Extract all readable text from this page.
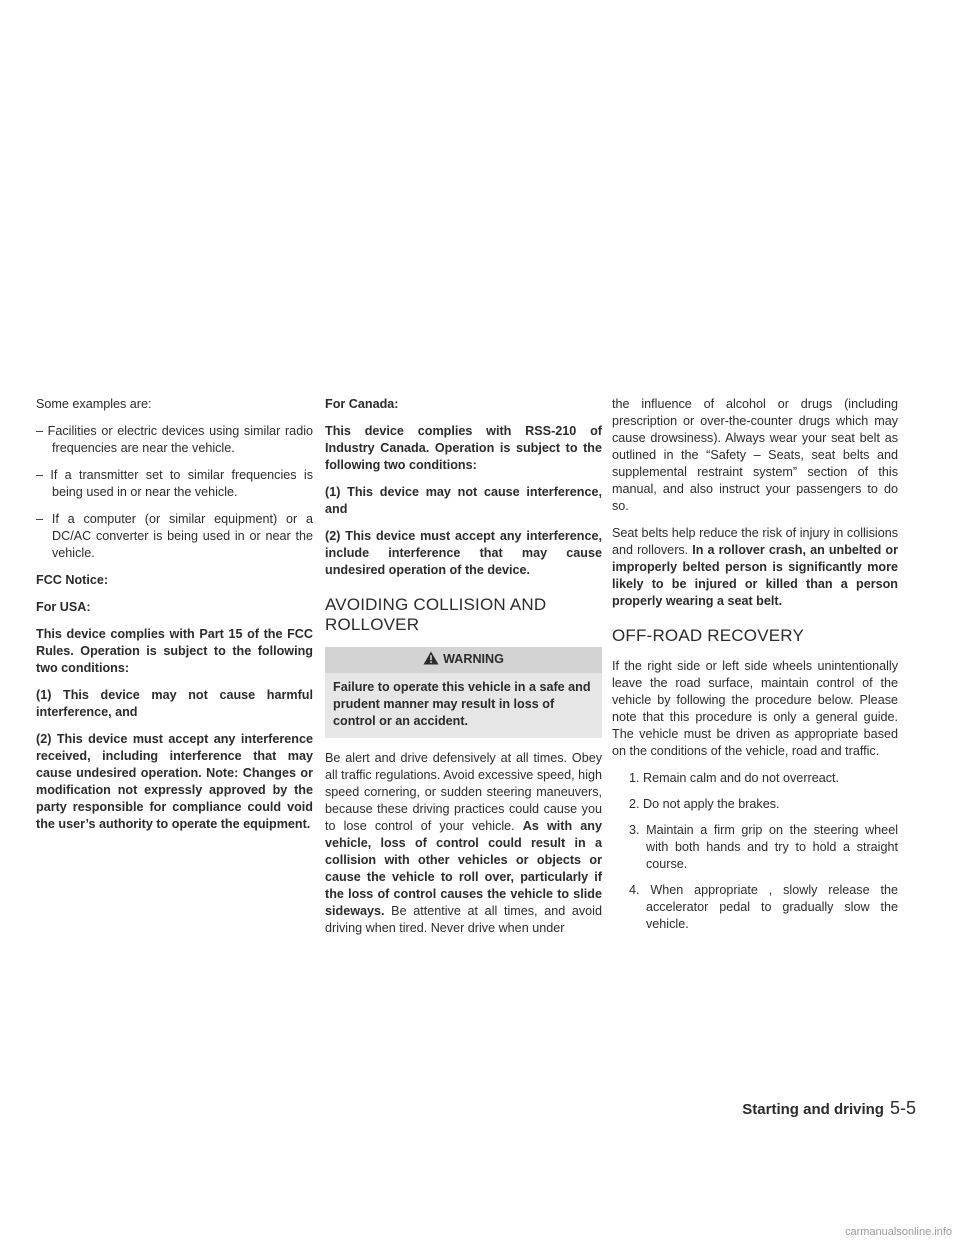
Some examples are:

– Facilities or electric devices using similar radio frequencies are near the vehicle.

– If a transmitter set to similar frequencies is being used in or near the vehicle.

– If a computer (or similar equipment) or a DC/AC converter is being used in or near the vehicle.

FCC Notice:

For USA:

This device complies with Part 15 of the FCC Rules. Operation is subject to the following two conditions:

(1) This device may not cause harmful interference, and

(2) This device must accept any interference received, including interference that may cause undesired operation. Note: Changes or modification not expressly approved by the party responsible for compliance could void the user’s authority to operate the equipment.

For Canada:

This device complies with RSS-210 of Industry Canada. Operation is subject to the following two conditions:

(1) This device may not cause interference, and

(2) This device must accept any interference, include interference that may cause undesired operation of the device.

AVOIDING COLLISION AND ROLLOVER
WARNING
Failure to operate this vehicle in a safe and prudent manner may result in loss of control or an accident.

Be alert and drive defensively at all times. Obey all traffic regulations. Avoid excessive speed, high speed cornering, or sudden steering maneuvers, because these driving practices could cause you to lose control of your vehicle. As with any vehicle, loss of control could result in a collision with other vehicles or objects or cause the vehicle to roll over, particularly if the loss of control causes the vehicle to slide sideways. Be attentive at all times, and avoid driving when tired. Never drive when under

the influence of alcohol or drugs (including prescription or over-the-counter drugs which may cause drowsiness). Always wear your seat belt as outlined in the “Safety – Seats, seat belts and supplemental restraint system” section of this manual, and also instruct your passengers to do so.

Seat belts help reduce the risk of injury in collisions and rollovers. In a rollover crash, an unbelted or improperly belted person is significantly more likely to be injured or killed than a person properly wearing a seat belt.

OFF-ROAD RECOVERY

If the right side or left side wheels unintentionally leave the road surface, maintain control of the vehicle by following the procedure below. Please note that this procedure is only a general guide. The vehicle must be driven as appropriate based on the conditions of the vehicle, road and traffic.

1. Remain calm and do not overreact.
2. Do not apply the brakes.
3. Maintain a firm grip on the steering wheel with both hands and try to hold a straight course.
4. When appropriate , slowly release the accelerator pedal to gradually slow the vehicle.
Starting and driving 5-5
carmanualsonline.info
